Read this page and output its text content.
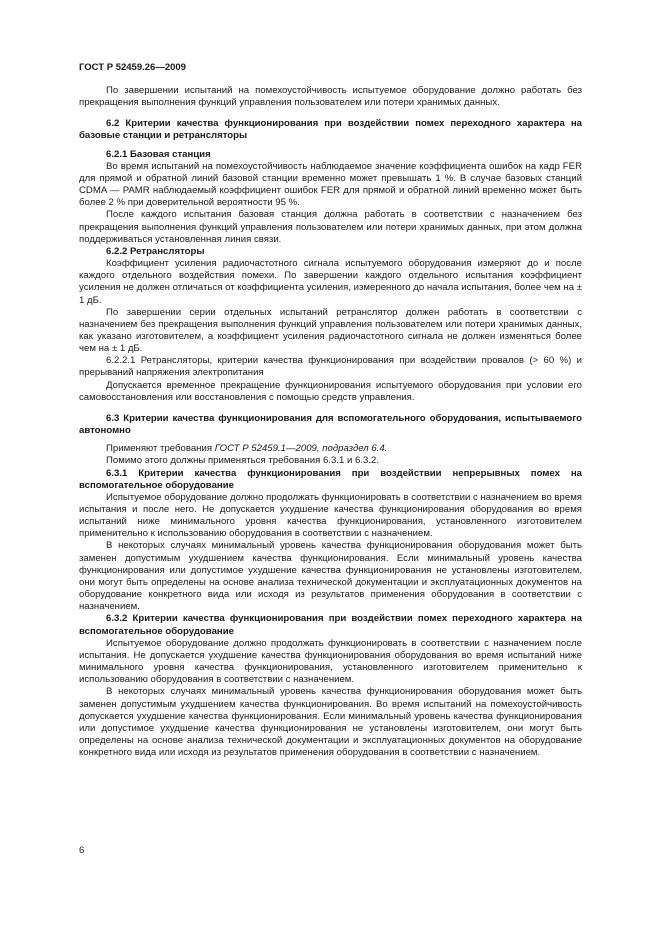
ГОСТ Р 52459.26—2009

По завершении испытаний на помехоустойчивость испытуемое оборудование должно работать без прекращения выполнения функций управления пользователем или потери хранимых данных.

6.2 Критерии качества функционирования при воздействии помех переходного характера на базовые станции и ретрансляторы

6.2.1 Базовая станция

Во время испытаний на помехоустойчивость наблюдаемое значение коэффициента ошибок на кадр FER для прямой и обратной линий базовой станции временно может превышать 1 %. В случае базовых станций CDMA — PAMR наблюдаемый коэффициент ошибок FER для прямой и обратной линий временно может быть более 2 % при доверительной вероятности 95 %.

После каждого испытания базовая станция должна работать в соответствии с назначением без прекращения выполнения функций управления пользователем или потери хранимых данных, при этом должна поддерживаться установленная линия связи.

6.2.2 Ретрансляторы

Коэффициент усиления радиочастотного сигнала испытуемого оборудования измеряют до и после каждого отдельного воздействия помехи. По завершении каждого отдельного испытания коэффициент усиления не должен отличаться от коэффициента усиления, измеренного до начала испытания, более чем на ± 1 дБ.

По завершении серии отдельных испытаний ретранслятор должен работать в соответствии с назначением без прекращения выполнения функций управления пользователем или потери хранимых данных, как указано изготовителем, а коэффициент усиления радиочастотного сигнала не должен изменяться более чем на ± 1 дБ.

6.2.2.1 Ретрансляторы, критерии качества функционирования при воздействии провалов (> 60 %) и прерываний напряжения электропитания

Допускается временное прекращение функционирования испытуемого оборудования при условии его самовосстановления или восстановления с помощью средств управления.

6.3 Критерии качества функционирования для вспомогательного оборудования, испытываемого автономно

Применяют требования ГОСТ Р 52459.1—2009, подраздел 6.4.

Помимо этого должны применяться требования 6.3.1 и 6.3.2.

6.3.1 Критерии качества функционирования при воздействии непрерывных помех на вспомогательное оборудование

Испытуемое оборудование должно продолжать функционировать в соответствии с назначением во время испытания и после него. Не допускается ухудшение качества функционирования оборудования во время испытаний ниже минимального уровня качества функционирования, установленного изготовителем применительно к использованию оборудования в соответствии с назначением.

В некоторых случаях минимальный уровень качества функционирования оборудования может быть заменен допустимым ухудшением качества функционирования. Если минимальный уровень качества функционирования или допустимое ухудшение качества функционирования не установлены изготовителем, они могут быть определены на основе анализа технической документации и эксплуатационных документов на оборудование конкретного вида или исходя из результатов применения оборудования в соответствии с назначением.

6.3.2 Критерии качества функционирования при воздействии помех переходного характера на вспомогательное оборудование

Испытуемое оборудование должно продолжать функционировать в соответствии с назначением после испытания. Не допускается ухудшение качества функционирования оборудования во время испытаний ниже минимального уровня качества функционирования, установленного изготовителем применительно к использованию оборудования в соответствии с назначением.

В некоторых случаях минимальный уровень качества функционирования оборудования может быть заменен допустимым ухудшением качества функционирования. Во время испытаний на помехоустойчивость допускается ухудшение качества функционирования. Если минимальный уровень качества функционирования или допустимое ухудшение качества функционирования не установлены изготовителем, они могут быть определены на основе анализа технической документации и эксплуатационных документов на оборудование конкретного вида или исходя из результатов применения оборудования в соответствии с назначением.

6
